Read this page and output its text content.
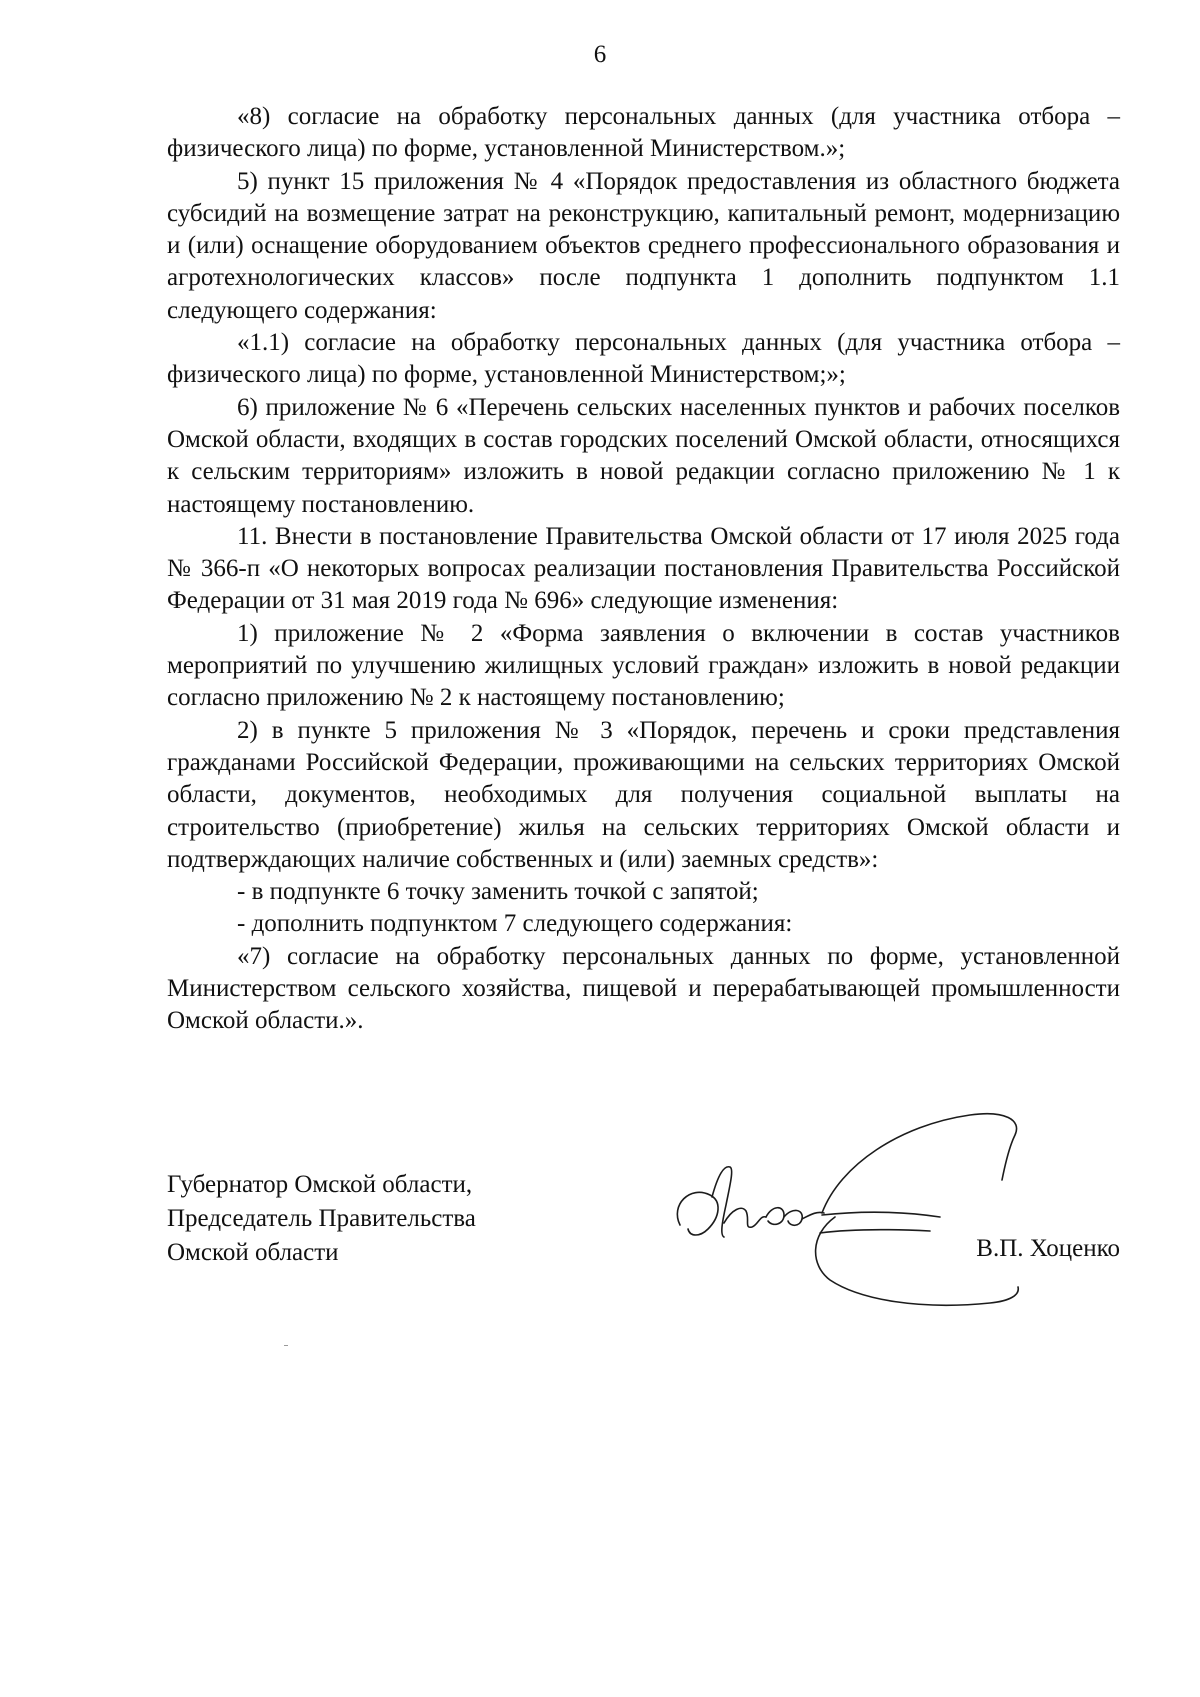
6

«8) согласие на обработку персональных данных (для участника отбора – физического лица) по форме, установленной Министерством.»;

5) пункт 15 приложения № 4 «Порядок предоставления из областного бюджета субсидий на возмещение затрат на реконструкцию, капитальный ремонт, модернизацию и (или) оснащение оборудованием объектов среднего профессионального образования и агротехнологических классов» после подпункта 1 дополнить подпунктом 1.1 следующего содержания:

«1.1) согласие на обработку персональных данных (для участника отбора – физического лица) по форме, установленной Министерством;»;

6) приложение № 6 «Перечень сельских населенных пунктов и рабочих поселков Омской области, входящих в состав городских поселений Омской области, относящихся к сельским территориям» изложить в новой редакции согласно приложению № 1 к настоящему постановлению.

11. Внести в постановление Правительства Омской области от 17 июля 2025 года № 366-п «О некоторых вопросах реализации постановления Правительства Российской Федерации от 31 мая 2019 года № 696» следующие изменения:

1) приложение № 2 «Форма заявления о включении в состав участников мероприятий по улучшению жилищных условий граждан» изложить в новой редакции согласно приложению № 2 к настоящему постановлению;

2) в пункте 5 приложения № 3 «Порядок, перечень и сроки представления гражданами Российской Федерации, проживающими на сельских территориях Омской области, документов, необходимых для получения социальной выплаты на строительство (приобретение) жилья на сельских территориях Омской области и подтверждающих наличие собственных и (или) заемных средств»:

- в подпункте 6 точку заменить точкой с запятой;

- дополнить подпунктом 7 следующего содержания:

«7) согласие на обработку персональных данных по форме, установленной Министерством сельского хозяйства, пищевой и перерабатывающей промышленности Омской области.».

Губернатор Омской области,
Председатель Правительства
Омской области	В.П. Хоценко
